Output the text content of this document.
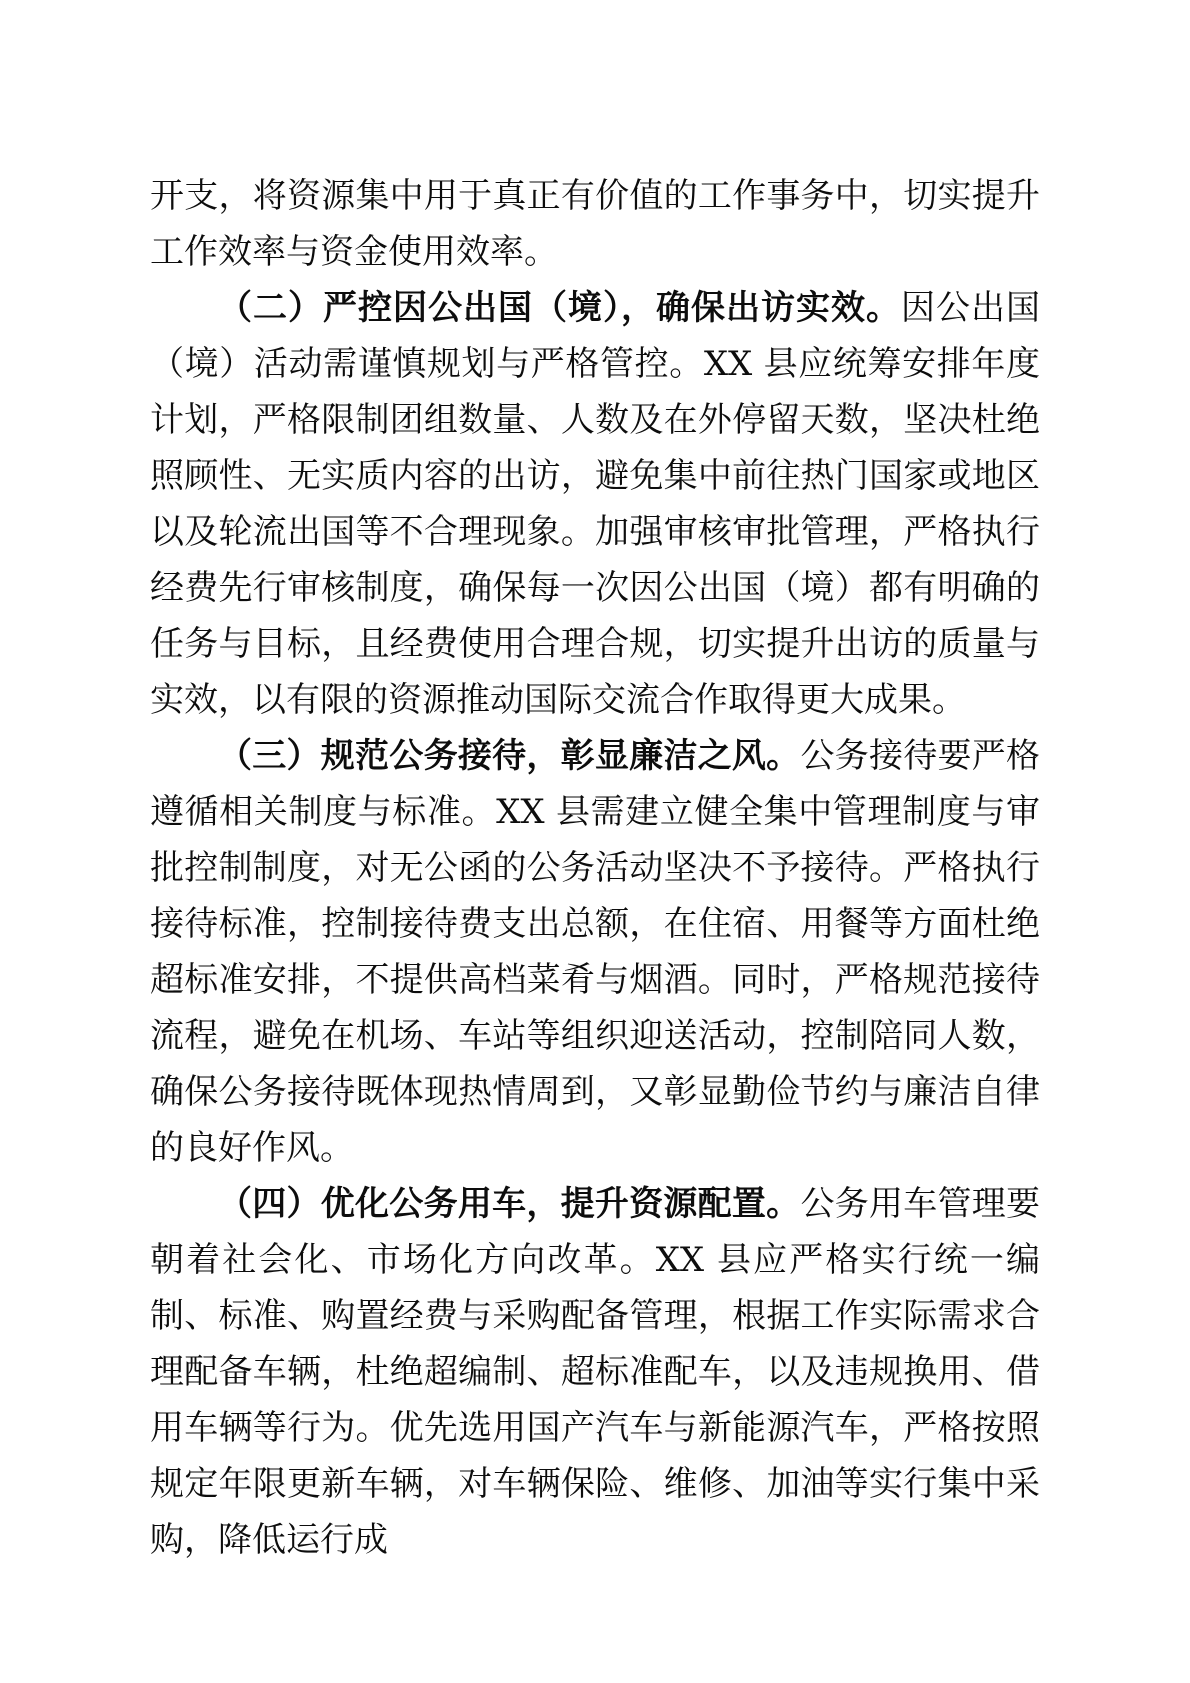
开支，将资源集中用于真正有价值的工作事务中，切实提升工作效率与资金使用效率。

（二）严控因公出国（境），确保出访实效。因公出国（境）活动需谨慎规划与严格管控。XX 县应统筹安排年度计划，严格限制团组数量、人数及在外停留天数，坚决杜绝照顾性、无实质内容的出访，避免集中前往热门国家或地区以及轮流出国等不合理现象。加强审核审批管理，严格执行经费先行审核制度，确保每一次因公出国（境）都有明确的任务与目标，且经费使用合理合规，切实提升出访的质量与实效，以有限的资源推动国际交流合作取得更大成果。

（三）规范公务接待，彰显廉洁之风。公务接待要严格遵循相关制度与标准。XX 县需建立健全集中管理制度与审批控制制度，对无公函的公务活动坚决不予接待。严格执行接待标准，控制接待费支出总额，在住宿、用餐等方面杜绝超标准安排，不提供高档菜肴与烟酒。同时，严格规范接待流程，避免在机场、车站等组织迎送活动，控制陪同人数，确保公务接待既体现热情周到，又彰显勤俭节约与廉洁自律的良好作风。

（四）优化公务用车，提升资源配置。公务用车管理要朝着社会化、市场化方向改革。XX 县应严格实行统一编制、标准、购置经费与采购配备管理，根据工作实际需求合理配备车辆，杜绝超编制、超标准配车，以及违规换用、借用车辆等行为。优先选用国产汽车与新能源汽车，严格按照规定年限更新车辆，对车辆保险、维修、加油等实行集中采购，降低运行成
